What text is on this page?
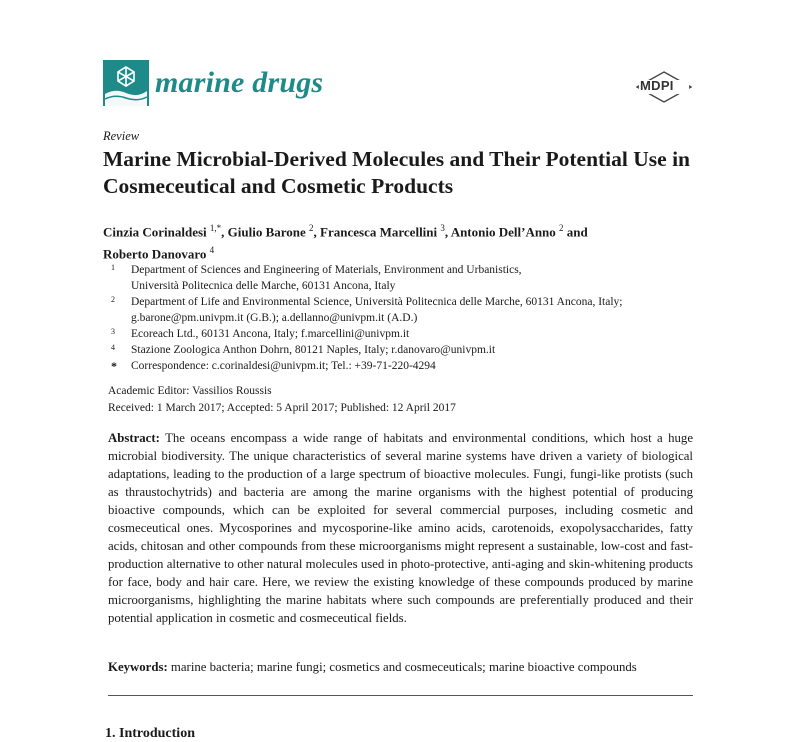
marine drugs	MDPI
Review
Marine Microbial-Derived Molecules and Their Potential Use in Cosmeceutical and Cosmetic Products
Cinzia Corinaldesi $^{1,*}$, Giulio Barone $^2$, Francesca Marcellini $^3$, Antonio Dell’Anno $^2$ and
Roberto Danovaro $^4$
1 Department of Sciences and Engineering of Materials, Environment and Urbanistics,
Università Politecnica delle Marche, 60131 Ancona, Italy
2 Department of Life and Environmental Science, Università Politecnica delle Marche, 60131 Ancona, Italy;
g.barone@pm.univpm.it (G.B.); a.dellanno@univpm.it (A.D.)
3 Ecoreach Ltd., 60131 Ancona, Italy; f.marcellini@univpm.it
4 Stazione Zoologica Anthon Dohrn, 80121 Naples, Italy; r.danovaro@univpm.it
* Correspondence: c.corinaldesi@univpm.it; Tel.: +39-71-220-4294
Academic Editor: Vassilios Roussis
Received: 1 March 2017; Accepted: 5 April 2017; Published: 12 April 2017
Abstract: The oceans encompass a wide range of habitats and environmental conditions, which host a huge microbial biodiversity. The unique characteristics of several marine systems have driven a variety of biological adaptations, leading to the production of a large spectrum of bioactive molecules. Fungi, fungi-like protists (such as thraustochytrids) and bacteria are among the marine organisms with the highest potential of producing bioactive compounds, which can be exploited for several commercial purposes, including cosmetic and cosmeceutical ones. Mycosporines and mycosporine-like amino acids, carotenoids, exopolysaccharides, fatty acids, chitosan and other compounds from these microorganisms might represent a sustainable, low-cost and fast-production alternative to other natural molecules used in photo-protective, anti-aging and skin-whitening products for face, body and hair care. Here, we review the existing knowledge of these compounds produced by marine microorganisms, highlighting the marine habitats where such compounds are preferentially produced and their potential application in cosmetic and cosmeceutical fields.
Keywords: marine bacteria; marine fungi; cosmetics and cosmeceuticals; marine bioactive compounds
1. Introduction
